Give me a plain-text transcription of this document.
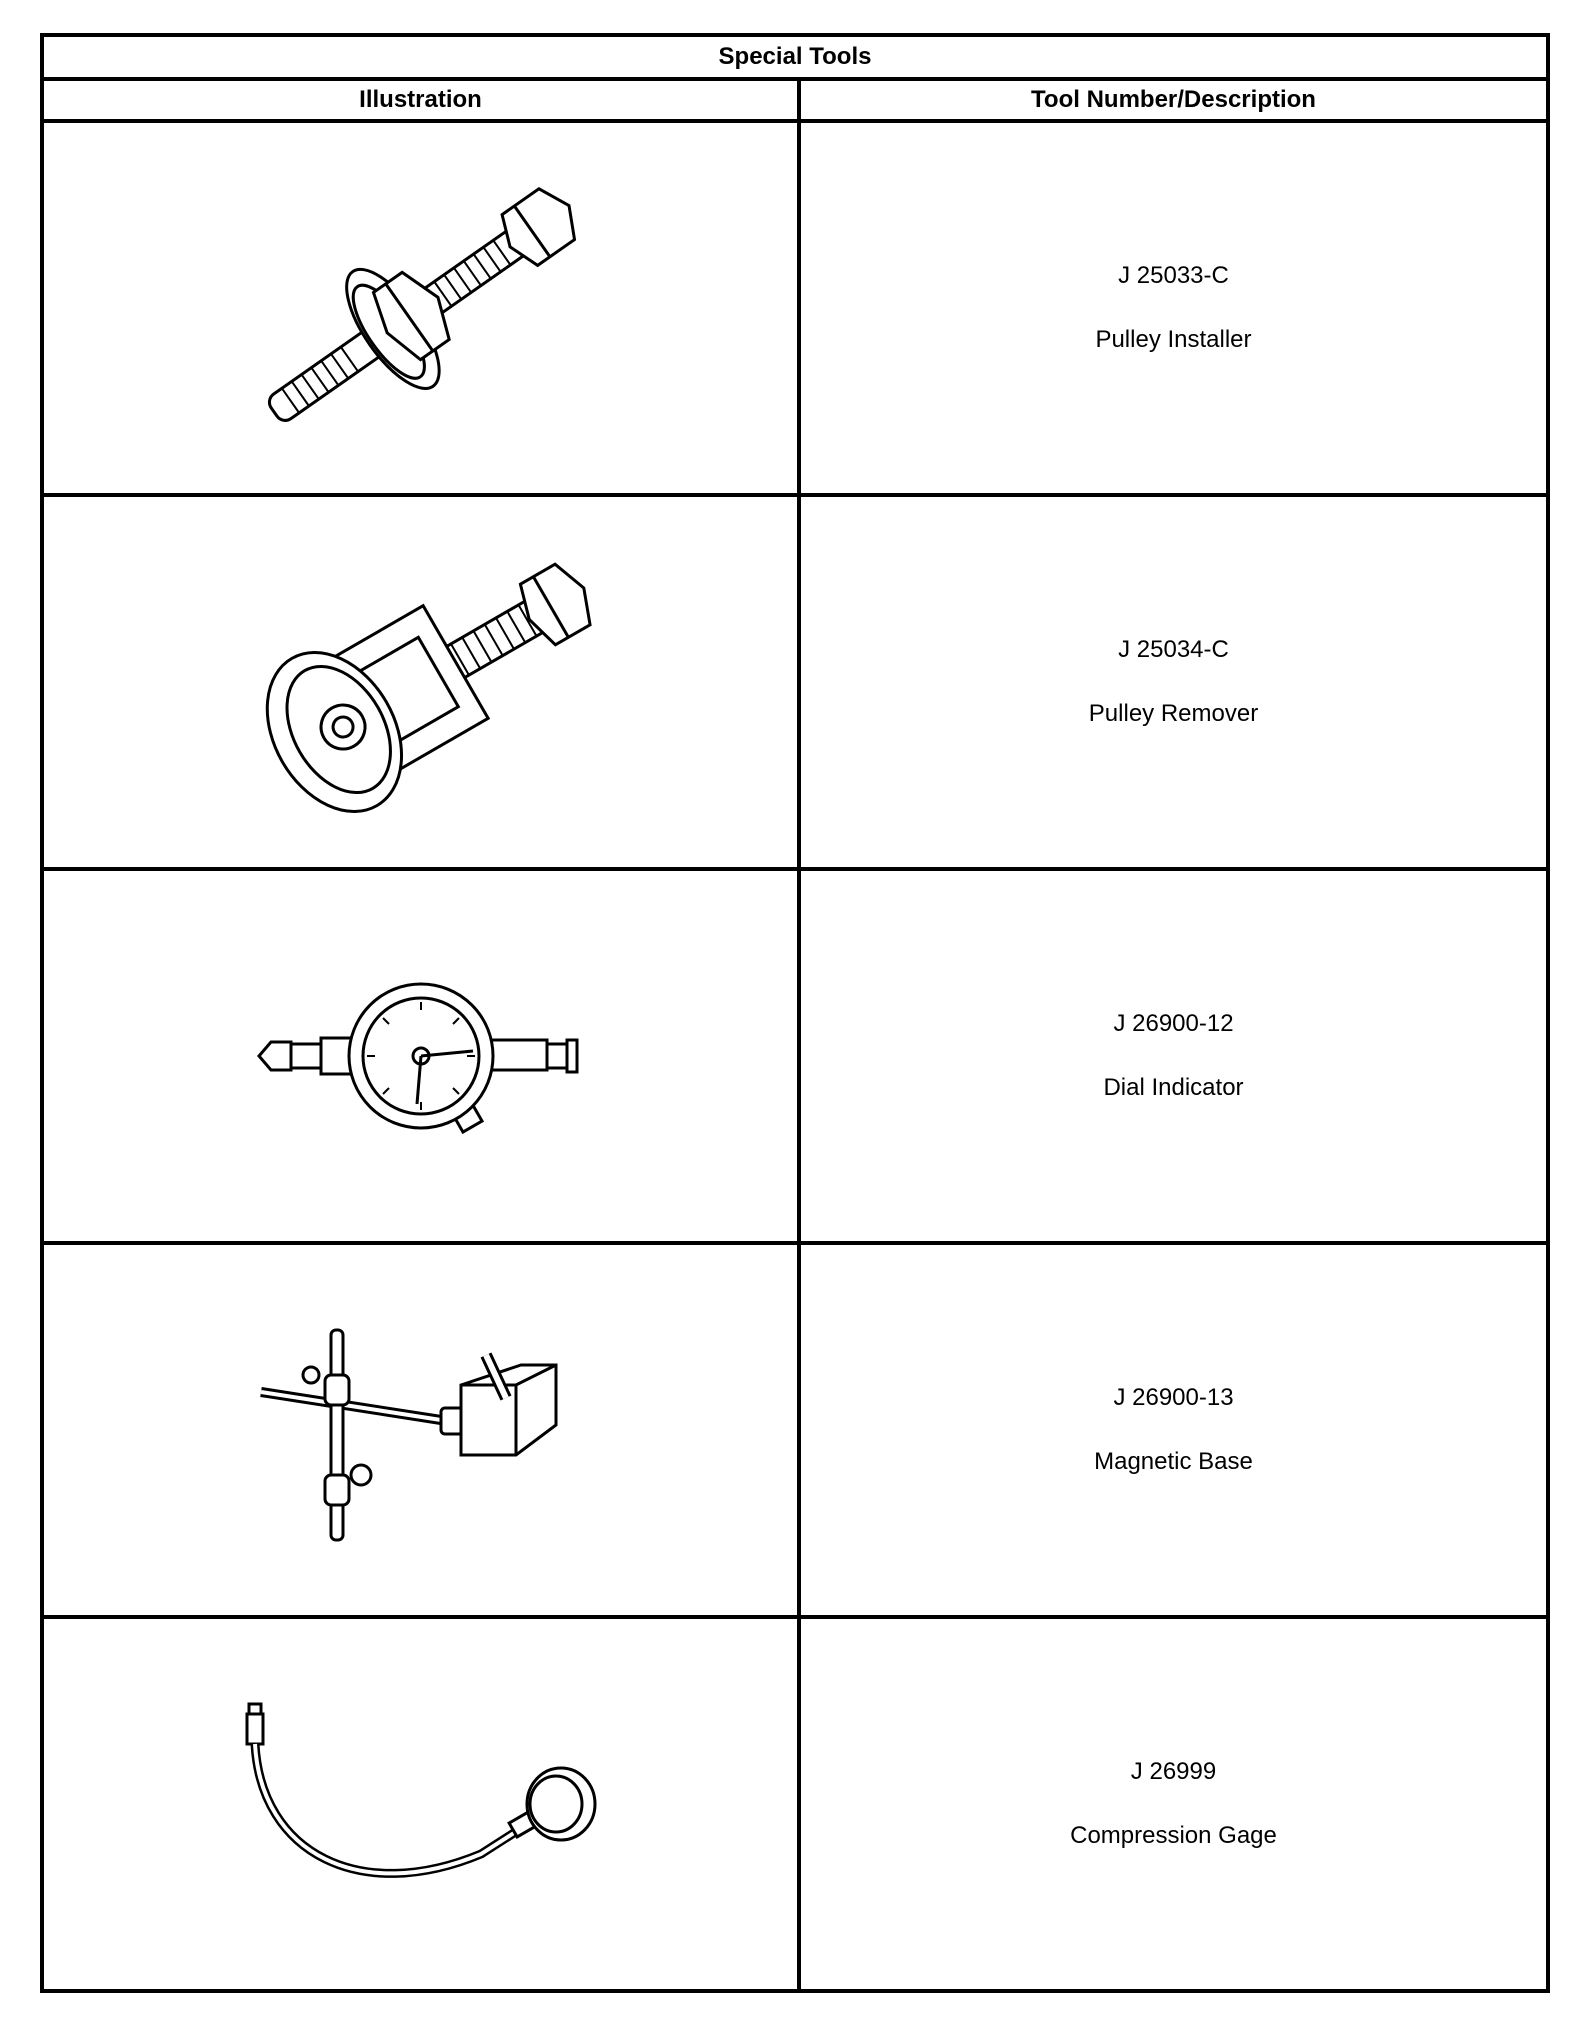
Special Tools
Illustration	Tool Number/Description
J 25033-C
Pulley Installer
J 25034-C
Pulley Remover
J 26900-12
Dial Indicator
J 26900-13
Magnetic Base
J 26999
Compression Gage
